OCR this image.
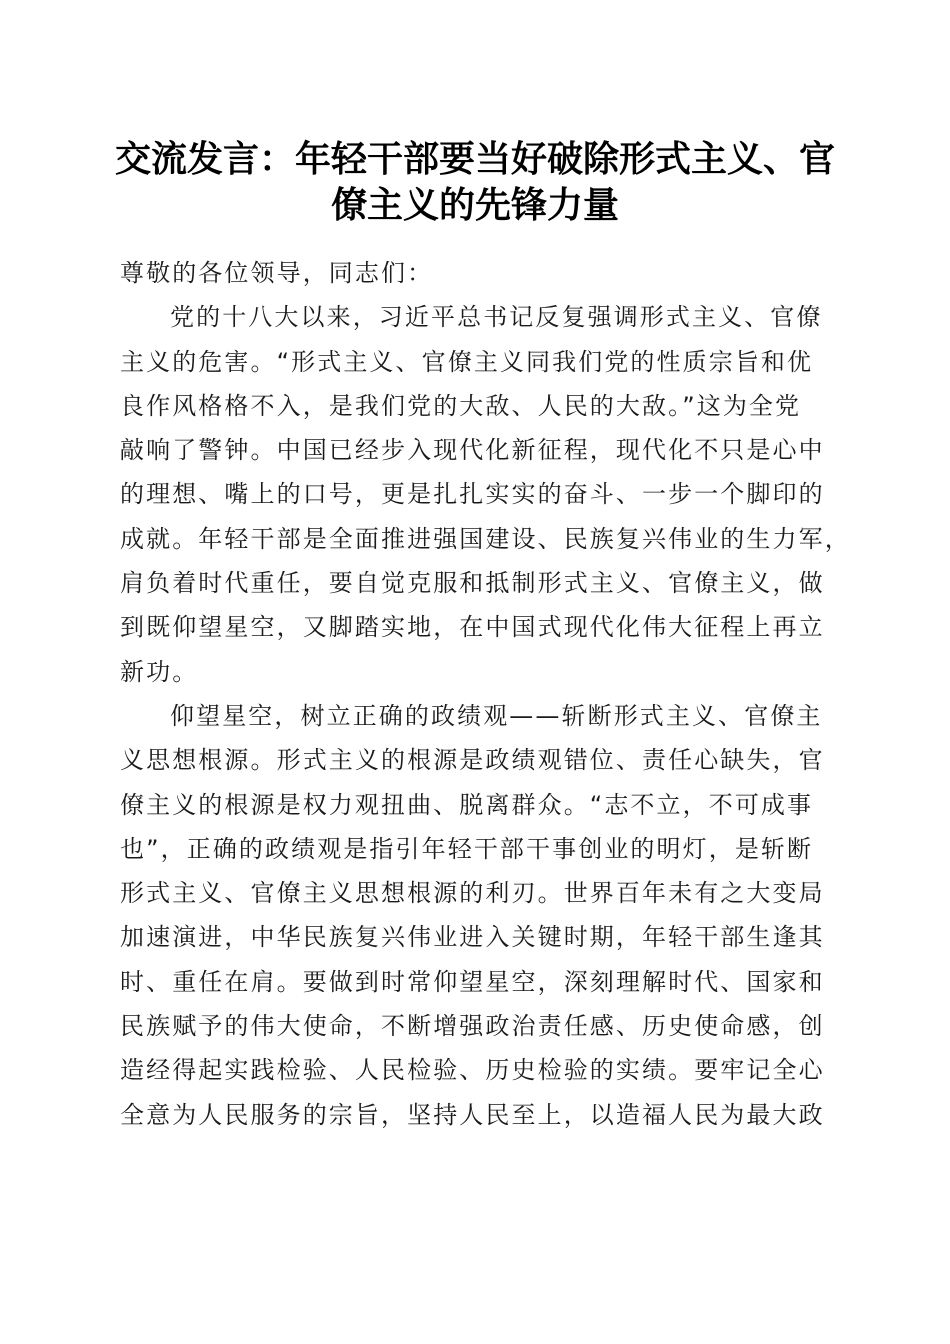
交流发言：年轻干部要当好破除形式主义、官
僚主义的先锋力量
尊敬的各位领导，同志们：
党的十八大以来，习近平总书记反复强调形式主义、官僚
主义的危害。“形式主义、官僚主义同我们党的性质宗旨和优
良作风格格不入，是我们党的大敌、人民的大敌。”这为全党
敲响了警钟。中国已经步入现代化新征程，现代化不只是心中
的理想、嘴上的口号，更是扎扎实实的奋斗、一步一个脚印的
成就。年轻干部是全面推进强国建设、民族复兴伟业的生力军，
肩负着时代重任，要自觉克服和抵制形式主义、官僚主义，做
到既仰望星空，又脚踏实地，在中国式现代化伟大征程上再立
新功。
仰望星空，树立正确的政绩观——斩断形式主义、官僚主
义思想根源。形式主义的根源是政绩观错位、责任心缺失，官
僚主义的根源是权力观扭曲、脱离群众。“志不立，不可成事
也”，正确的政绩观是指引年轻干部干事创业的明灯，是斩断
形式主义、官僚主义思想根源的利刃。世界百年未有之大变局
加速演进，中华民族复兴伟业进入关键时期，年轻干部生逢其
时、重任在肩。要做到时常仰望星空，深刻理解时代、国家和
民族赋予的伟大使命，不断增强政治责任感、历史使命感，创
造经得起实践检验、人民检验、历史检验的实绩。要牢记全心
全意为人民服务的宗旨，坚持人民至上，以造福人民为最大政
